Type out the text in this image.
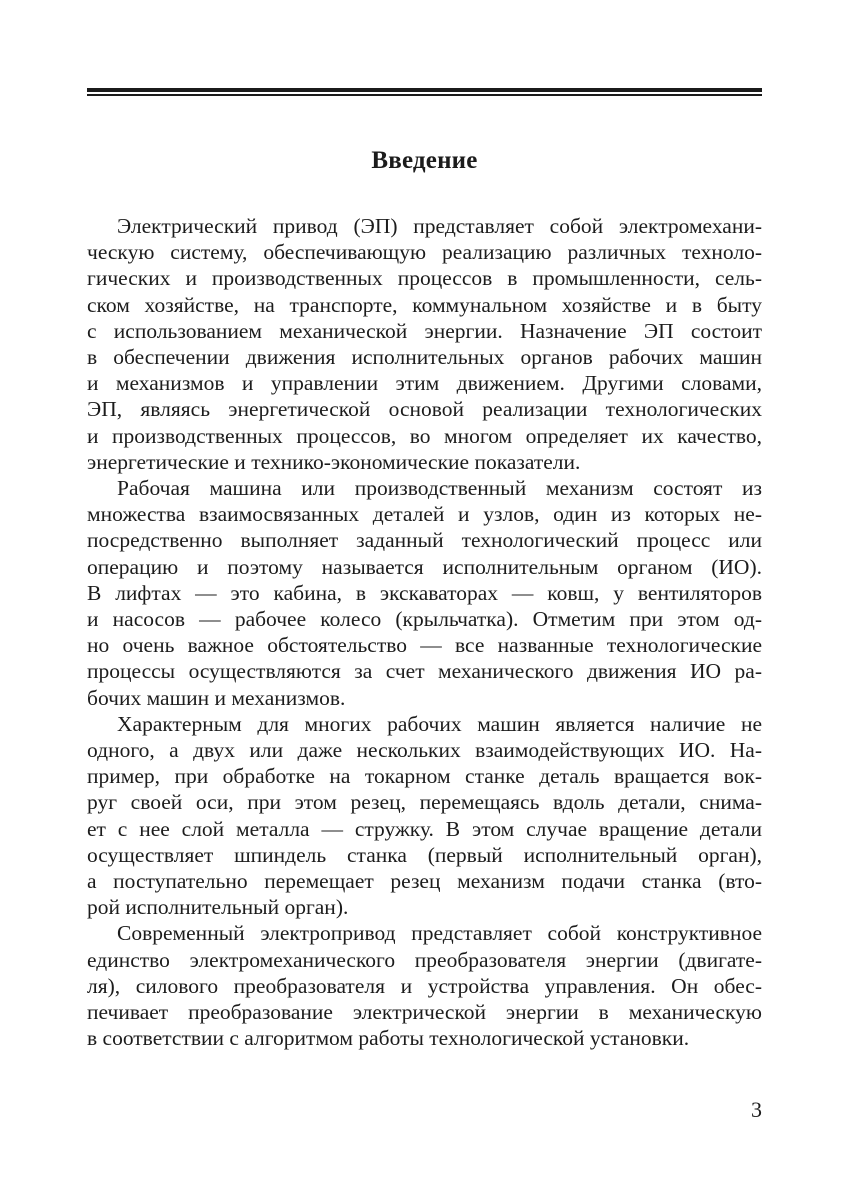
Введение
Электрический привод (ЭП) представляет собой электромехани-
ческую систему, обеспечивающую реализацию различных техноло-
гических и производственных процессов в промышленности, сель-
ском хозяйстве, на транспорте, коммунальном хозяйстве и в быту
с использованием механической энергии. Назначение ЭП состоит
в обеспечении движения исполнительных органов рабочих машин
и механизмов и управлении этим движением. Другими словами,
ЭП, являясь энергетической основой реализации технологических
и производственных процессов, во многом определяет их качество,
энергетические и технико-экономические показатели.
Рабочая машина или производственный механизм состоят из
множества взаимосвязанных деталей и узлов, один из которых не-
посредственно выполняет заданный технологический процесс или
операцию и поэтому называется исполнительным органом (ИО).
В лифтах — это кабина, в экскаваторах — ковш, у вентиляторов
и насосов — рабочее колесо (крыльчатка). Отметим при этом од-
но очень важное обстоятельство — все названные технологические
процессы осуществляются за счет механического движения ИО ра-
бочих машин и механизмов.
Характерным для многих рабочих машин является наличие не
одного, а двух или даже нескольких взаимодействующих ИО. На-
пример, при обработке на токарном станке деталь вращается вок-
руг своей оси, при этом резец, перемещаясь вдоль детали, снима-
ет с нее слой металла — стружку. В этом случае вращение детали
осуществляет шпиндель станка (первый исполнительный орган),
а поступательно перемещает резец механизм подачи станка (вто-
рой исполнительный орган).
Современный электропривод представляет собой конструктивное
единство электромеханического преобразователя энергии (двигате-
ля), силового преобразователя и устройства управления. Он обес-
печивает преобразование электрической энергии в механическую
в соответствии с алгоритмом работы технологической установки.
3
